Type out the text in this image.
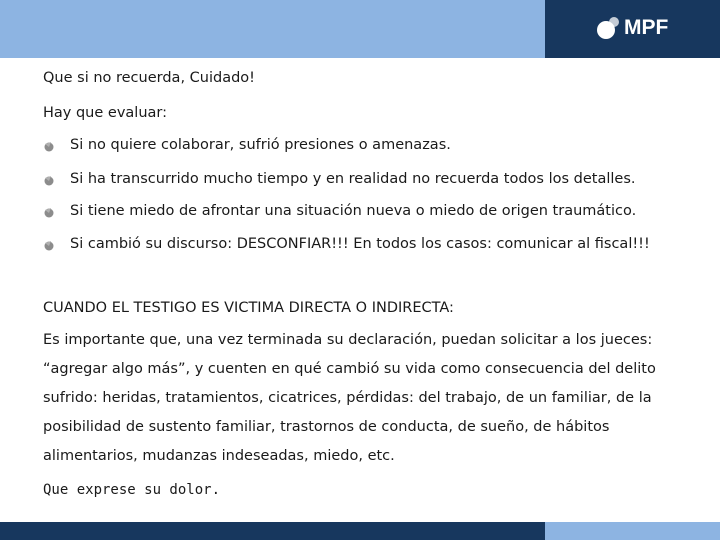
MPF
Que si no recuerda, Cuidado!
Hay que evaluar:
Si no quiere colaborar, sufrió presiones o amenazas.
Si ha transcurrido mucho tiempo y en realidad no recuerda todos los detalles.
Si tiene miedo de afrontar una situación nueva o miedo de origen traumático.
Si cambió su discurso: DESCONFIAR!!! En todos los casos: comunicar al fiscal!!!
CUANDO EL TESTIGO ES VICTIMA DIRECTA O INDIRECTA:
Es importante que, una vez terminada su declaración, puedan solicitar a los jueces:
“agregar algo más”, y cuenten en qué cambió su vida como consecuencia del delito
sufrido: heridas, tratamientos, cicatrices, pérdidas: del trabajo, de un familiar, de la
posibilidad de sustento familiar, trastornos de conducta, de sueño, de hábitos
alimentarios, mudanzas indeseadas, miedo, etc.
Que exprese su dolor.
